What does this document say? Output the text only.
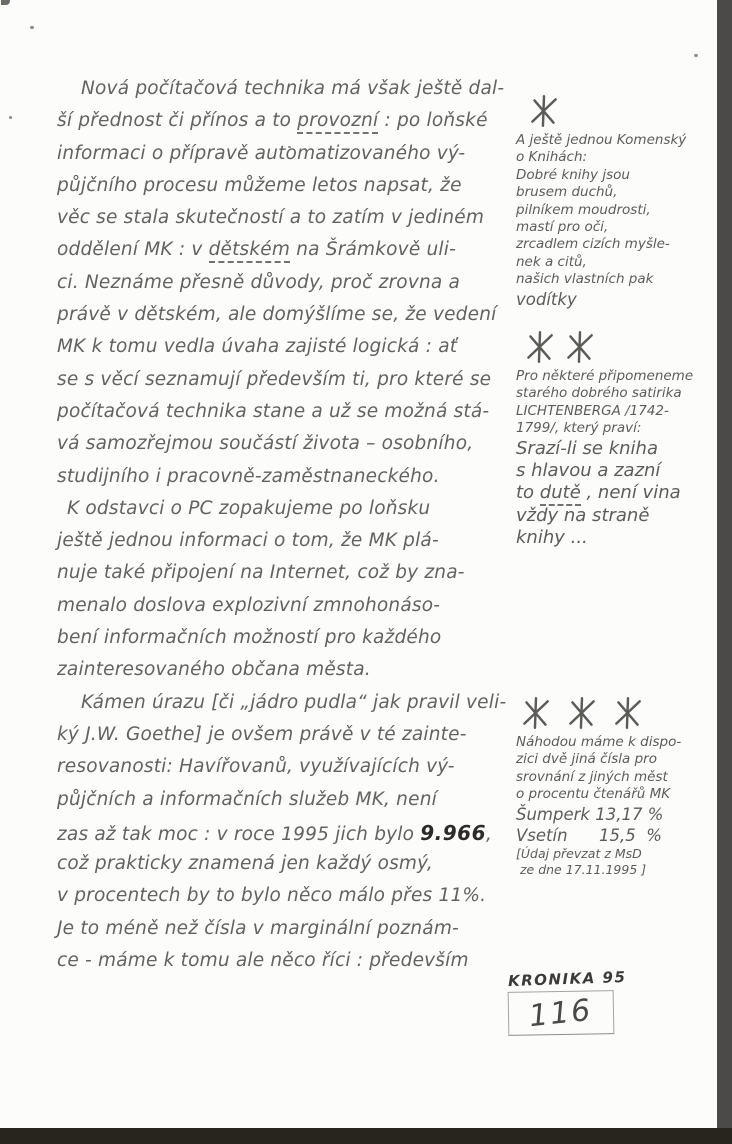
Nová počítačová technika má však ještě dal-
ší přednost či přínos a to provozní : po loňské
informaci o přípravě automatizovaného vý-
půjčního procesu můžeme letos napsat, že
věc se stala skutečností a to zatím v jediném
oddělení MK : v dětském na Šrámkově uli-
ci. Neznáme přesně důvody, proč zrovna a
právě v dětském, ale domýšlíme se, že vedení
MK k tomu vedla úvaha zajisté logická : ať
se s věcí seznamují především ti, pro které se
počítačová technika stane a už se možná stá-
vá samozřejmou součástí života – osobního,
studijního i pracovně-zaměstnaneckého.
K odstavci o PC zopakujeme po loňsku
ještě jednou informaci o tom, že MK plá-
nuje také připojení na Internet, což by zna-
menalo doslova explozivní zmnohonáso-
bení informačních možností pro každého
zainteresovaného občana města.
Kámen úrazu [či „jádro pudla“ jak pravil veli-
ký J.W. Goethe] je ovšem právě v té zainte-
resovanosti: Havířovanů, využívajících vý-
půjčních a informačních služeb MK, není
zas až tak moc : v roce 1995 jich bylo 9.966,
což prakticky znamená jen každý osmý,
v procentech by to bylo něco málo přes 11%.
Je to méně než čísla v marginální poznám-
ce - máme k tomu ale něco říci : především
A ještě jednou Komenský
o Knihách:
Dobré knihy jsou
brusem duchů,
pilníkem moudrosti,
mastí pro oči,
zrcadlem cizích myšle-
nek a citů,
našich vlastních pak
vodítky
Pro některé připomeneme
starého dobrého satirika
LICHTENBERGA /1742-
1799/, který praví:
Srazí-li se kniha
s hlavou a zazní
to dutě , není vina
vždy na straně
knihy ...
Náhodou máme k dispo-
zici dvě jiná čísla pro
srovnání z jiných měst
o procentu čtenářů MK
Šumperk 13,17 %
Vsetín      15,5  %
[Údaj převzat z MsD
ze dne 17.11.1995 ]
KRONIKA 95
116
